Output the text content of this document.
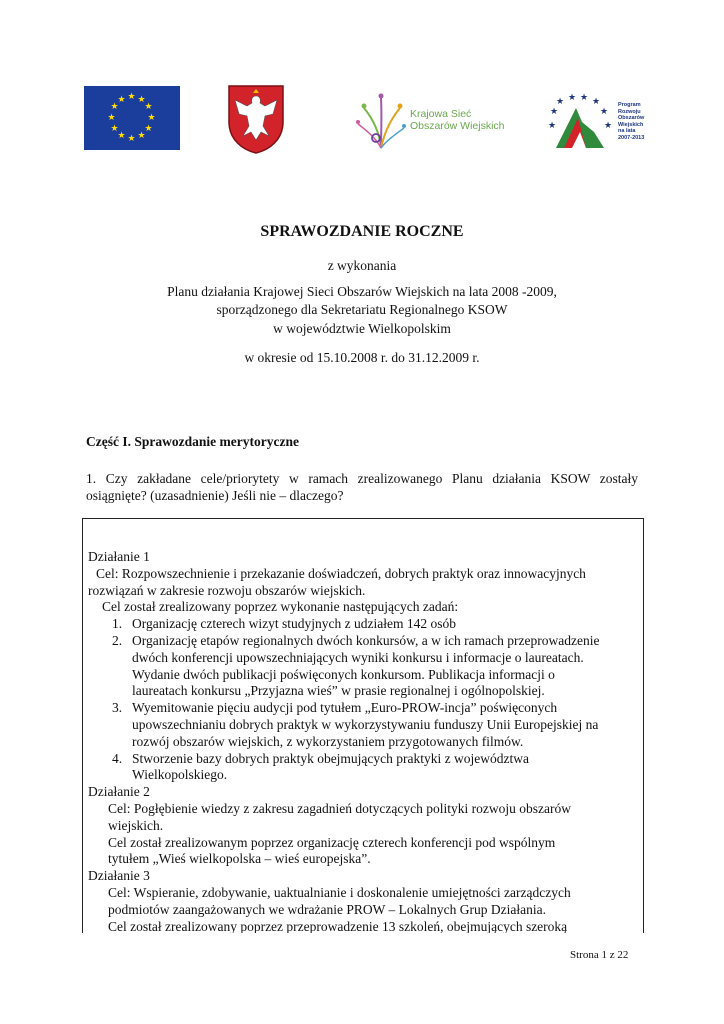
★ ★
★
★
★
★
★
★
★
★
★
★
Krajowa Sieć
Obszarów Wiejskich
★
★ ★ ★ ★
★
★	★
Program
Rozwoju
Obszarów
Wiejskich
na lata 2007-2013
SPRAWOZDANIE ROCZNE
z wykonania
Planu działania Krajowej Sieci Obszarów Wiejskich na lata 2008 -2009,
sporządzonego dla Sekretariatu Regionalnego KSOW
w województwie Wielkopolskim
w okresie od 15.10.2008 r. do 31.12.2009 r.
Część I. Sprawozdanie merytoryczne
1. Czy zakładane cele/priorytety w ramach zrealizowanego Planu działania KSOW zostały osiągnięte? (uzasadnienie) Jeśli nie – dlaczego?
Działanie 1
Cel: Rozpowszechnienie i przekazanie doświadczeń, dobrych praktyk oraz innowacyjnych
rozwiązań w zakresie rozwoju obszarów wiejskich.
Cel został zrealizowany poprzez wykonanie następujących zadań:
1. Organizację czterech wizyt studyjnych z udziałem 142 osób
2. Organizację etapów regionalnych dwóch konkursów, a w ich ramach przeprowadzenie
dwóch konferencji upowszechniających wyniki konkursu i informacje o laureatach.
Wydanie dwóch publikacji poświęconych konkursom. Publikacja informacji o
laureatach konkursu „Przyjazna wieś” w prasie regionalnej i ogólnopolskiej.
3. Wyemitowanie pięciu audycji pod tytułem „Euro-PROW-incja” poświęconych
upowszechnianiu dobrych praktyk w wykorzystywaniu funduszy Unii Europejskiej na
rozwój obszarów wiejskich, z wykorzystaniem przygotowanych filmów.
4. Stworzenie bazy dobrych praktyk obejmujących praktyki z województwa
Wielkopolskiego.
Działanie 2
Cel: Pogłębienie wiedzy z zakresu zagadnień dotyczących polityki rozwoju obszarów
wiejskich.
Cel został zrealizowanym poprzez organizację czterech konferencji pod wspólnym
tytułem „Wieś wielkopolska – wieś europejska”.
Działanie 3
Cel: Wspieranie, zdobywanie, uaktualnianie i doskonalenie umiejętności zarządczych
podmiotów zaangażowanych we wdrażanie PROW – Lokalnych Grup Działania.
Cel został zrealizowany poprzez przeprowadzenie 13 szkoleń, obejmujących szeroką
Strona 1 z 22
